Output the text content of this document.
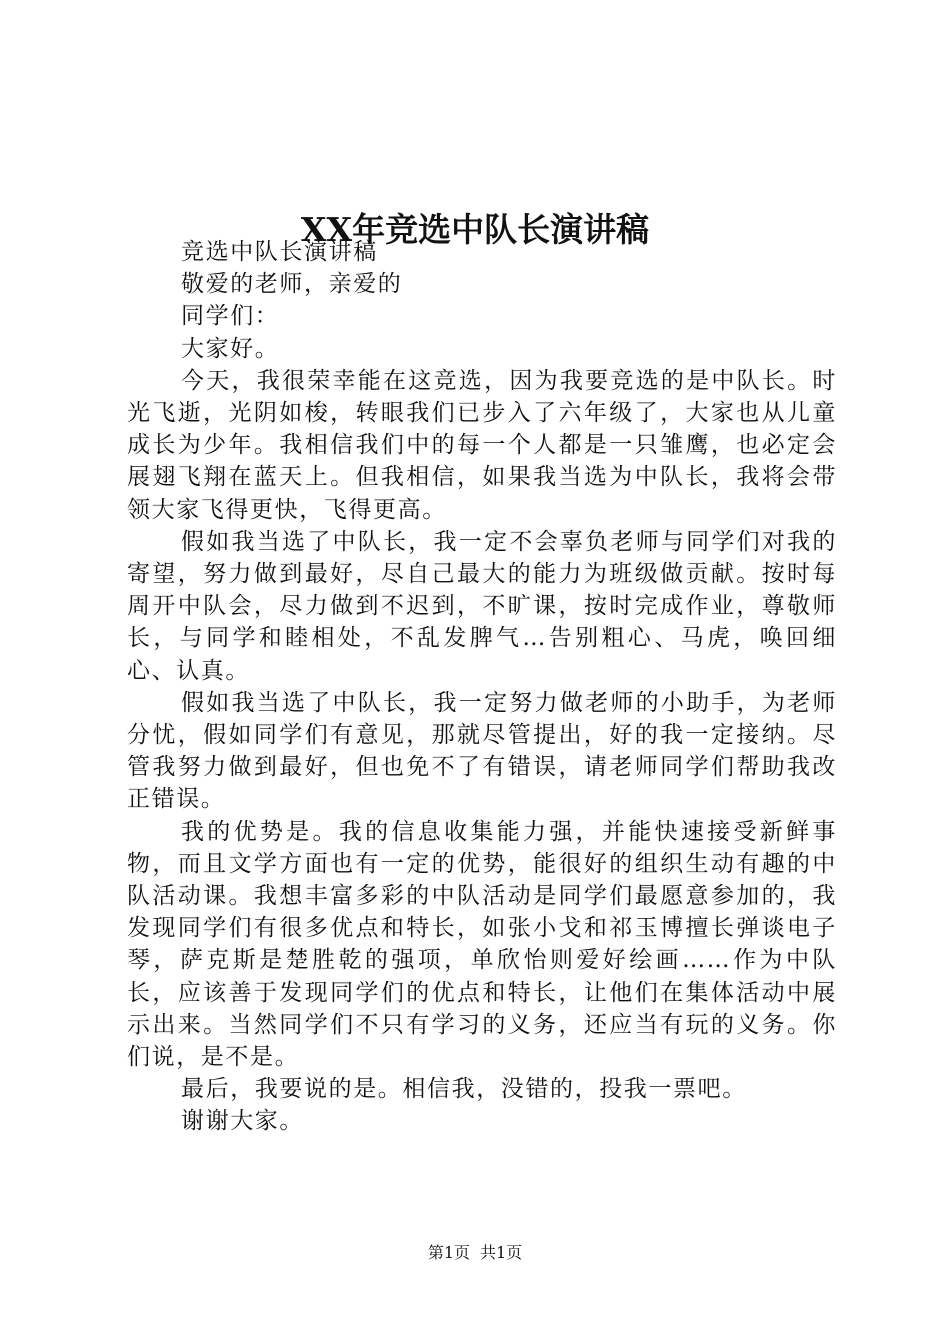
XX年竞选中队长演讲稿

竞选中队长演讲稿

敬爱的老师，亲爱的

同学们：

大家好。

今天，我很荣幸能在这竞选，因为我要竞选的是中队长。时光飞逝，光阴如梭，转眼我们已步入了六年级了，大家也从儿童成长为少年。我相信我们中的每一个人都是一只雏鹰，也必定会展翅飞翔在蓝天上。但我相信，如果我当选为中队长，我将会带领大家飞得更快，飞得更高。

假如我当选了中队长，我一定不会辜负老师与同学们对我的寄望，努力做到最好，尽自己最大的能力为班级做贡献。按时每周开中队会，尽力做到不迟到，不旷课，按时完成作业，尊敬师长，与同学和睦相处，不乱发脾气…告别粗心、马虎，唤回细心、认真。

假如我当选了中队长，我一定努力做老师的小助手，为老师分忧，假如同学们有意见，那就尽管提出，好的我一定接纳。尽管我努力做到最好，但也免不了有错误，请老师同学们帮助我改正错误。

我的优势是。我的信息收集能力强，并能快速接受新鲜事物，而且文学方面也有一定的优势，能很好的组织生动有趣的中队活动课。我想丰富多彩的中队活动是同学们最愿意参加的，我发现同学们有很多优点和特长，如张小戈和祁玉博擅长弹谈电子琴，萨克斯是楚胜乾的强项，单欣怡则爱好绘画……作为中队长，应该善于发现同学们的优点和特长，让他们在集体活动中展示出来。当然同学们不只有学习的义务，还应当有玩的义务。你们说，是不是。

最后，我要说的是。相信我，没错的，投我一票吧。

谢谢大家。

第1页 共1页
